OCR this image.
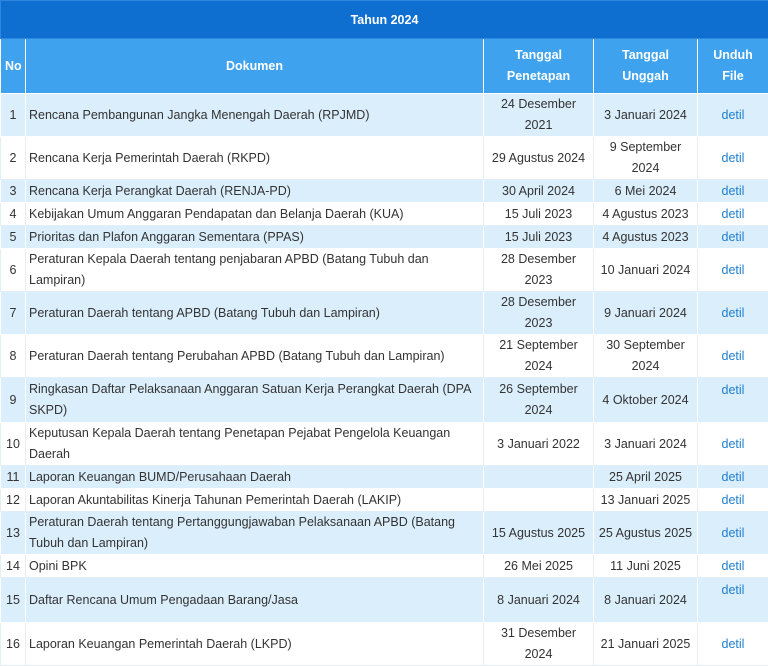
Tahun 2024				
No	Dokumen	Tanggal Penetapan	Tanggal Unggah	Unduh File
1	Rencana Pembangunan Jangka Menengah Daerah (RPJMD)	24 Desember 2021	3 Januari 2024	detil
2	Rencana Kerja Pemerintah Daerah (RKPD)	29 Agustus 2024	9 September 2024	detil
3	Rencana Kerja Perangkat Daerah (RENJA-PD)	30 April 2024	6 Mei 2024	detil
4	Kebijakan Umum Anggaran Pendapatan dan Belanja Daerah (KUA)	15 Juli 2023	4 Agustus 2023	detil
5	Prioritas dan Plafon Anggaran Sementara (PPAS)	15 Juli 2023	4 Agustus 2023	detil
6	Peraturan Kepala Daerah tentang penjabaran APBD (Batang Tubuh dan Lampiran)	28 Desember 2023	10 Januari 2024	detil
7	Peraturan Daerah tentang APBD (Batang Tubuh dan Lampiran)	28 Desember 2023	9 Januari 2024	detil
8	Peraturan Daerah tentang Perubahan APBD (Batang Tubuh dan Lampiran)	21 September 2024	30 September 2024	detil
9	Ringkasan Daftar Pelaksanaan Anggaran Satuan Kerja Perangkat Daerah (DPA SKPD)	26 September 2024	4 Oktober 2024	detil
10	Keputusan Kepala Daerah tentang Penetapan Pejabat Pengelola Keuangan Daerah	3 Januari 2022	3 Januari 2024	detil
11	Laporan Keuangan BUMD/Perusahaan Daerah		25 April 2025	detil
12	Laporan Akuntabilitas Kinerja Tahunan Pemerintah Daerah (LAKIP)		13 Januari 2025	detil
13	Peraturan Daerah tentang Pertanggungjawaban Pelaksanaan APBD (Batang Tubuh dan Lampiran)	15 Agustus 2025	25 Agustus 2025	detil
14	Opini BPK	26 Mei 2025	11 Juni 2025	detil
15	Daftar Rencana Umum Pengadaan Barang/Jasa	8 Januari 2024	8 Januari 2024	detil
16	Laporan Keuangan Pemerintah Daerah (LKPD)	31 Desember 2024	21 Januari 2025	detil
